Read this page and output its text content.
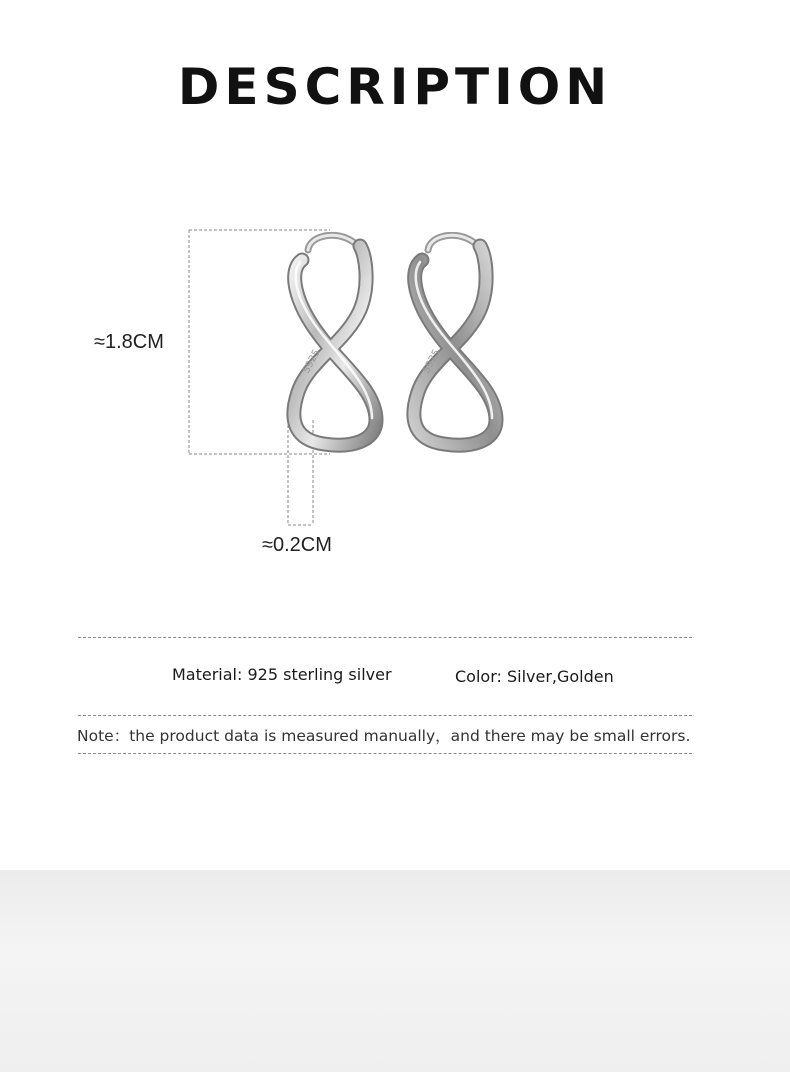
DESCRIPTION
≈1.8CM
≈0.2CM
S925	S925
Material: 925 sterling silver	Color: Silver,Golden
Note：the product data is measured manually，and there may be small errors.
